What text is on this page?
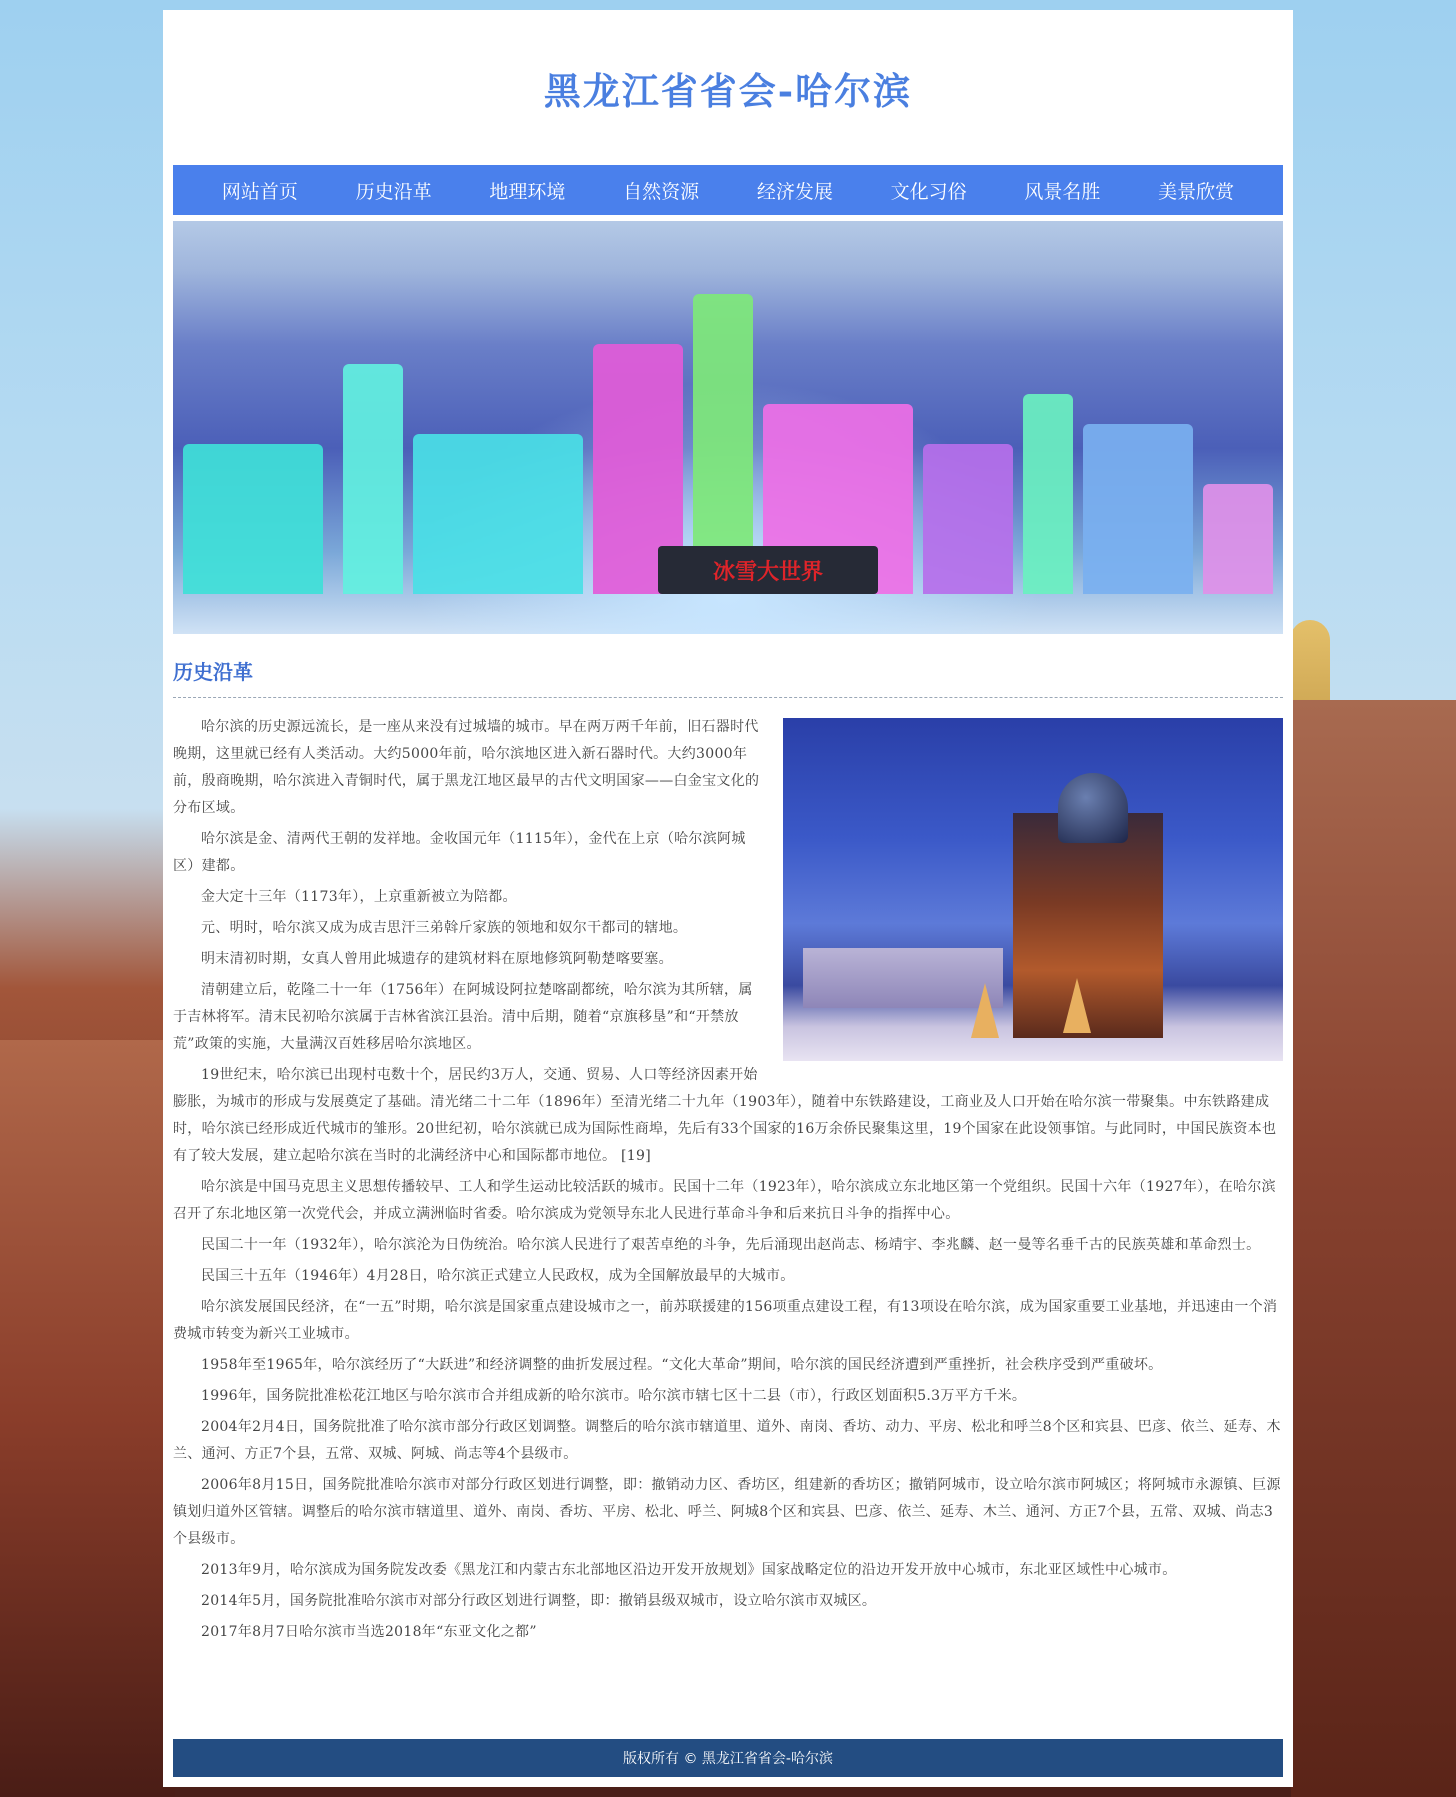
黑龙江省省会-哈尔滨
网站首页	历史沿革	地理环境	自然资源	经济发展	文化习俗	风景名胜	美景欣赏
冰雪大世界
历史沿革

哈尔滨的历史源远流长，是一座从来没有过城墙的城市。早在两万两千年前，旧石器时代晚期，这里就已经有人类活动。大约5000年前，哈尔滨地区进入新石器时代。大约3000年前，殷商晚期，哈尔滨进入青铜时代，属于黑龙江地区最早的古代文明国家——白金宝文化的分布区域。

哈尔滨是金、清两代王朝的发祥地。金收国元年（1115年），金代在上京（哈尔滨阿城区）建都。

金大定十三年（1173年），上京重新被立为陪都。

元、明时，哈尔滨又成为成吉思汗三弟斡斤家族的领地和奴尔干都司的辖地。

明末清初时期，女真人曾用此城遗存的建筑材料在原地修筑阿勒楚喀要塞。

清朝建立后，乾隆二十一年（1756年）在阿城设阿拉楚喀副都统，哈尔滨为其所辖，属于吉林将军。清末民初哈尔滨属于吉林省滨江县治。清中后期，随着“京旗移垦”和“开禁放荒”政策的实施，大量满汉百姓移居哈尔滨地区。

19世纪末，哈尔滨已出现村屯数十个，居民约3万人，交通、贸易、人口等经济因素开始膨胀，为城市的形成与发展奠定了基础。清光绪二十二年（1896年）至清光绪二十九年（1903年），随着中东铁路建设，工商业及人口开始在哈尔滨一带聚集。中东铁路建成时，哈尔滨已经形成近代城市的雏形。20世纪初，哈尔滨就已成为国际性商埠，先后有33个国家的16万余侨民聚集这里，19个国家在此设领事馆。与此同时，中国民族资本也有了较大发展，建立起哈尔滨在当时的北满经济中心和国际都市地位。 [19]

哈尔滨是中国马克思主义思想传播较早、工人和学生运动比较活跃的城市。民国十二年（1923年），哈尔滨成立东北地区第一个党组织。民国十六年（1927年），在哈尔滨召开了东北地区第一次党代会，并成立满洲临时省委。哈尔滨成为党领导东北人民进行革命斗争和后来抗日斗争的指挥中心。

民国二十一年（1932年），哈尔滨沦为日伪统治。哈尔滨人民进行了艰苦卓绝的斗争，先后涌现出赵尚志、杨靖宇、李兆麟、赵一曼等名垂千古的民族英雄和革命烈士。

民国三十五年（1946年）4月28日，哈尔滨正式建立人民政权，成为全国解放最早的大城市。

哈尔滨发展国民经济，在“一五”时期，哈尔滨是国家重点建设城市之一，前苏联援建的156项重点建设工程，有13项设在哈尔滨，成为国家重要工业基地，并迅速由一个消费城市转变为新兴工业城市。

1958年至1965年，哈尔滨经历了“大跃进”和经济调整的曲折发展过程。“文化大革命”期间，哈尔滨的国民经济遭到严重挫折，社会秩序受到严重破坏。

1996年，国务院批准松花江地区与哈尔滨市合并组成新的哈尔滨市。哈尔滨市辖七区十二县（市），行政区划面积5.3万平方千米。

2004年2月4日，国务院批准了哈尔滨市部分行政区划调整。调整后的哈尔滨市辖道里、道外、南岗、香坊、动力、平房、松北和呼兰8个区和宾县、巴彦、依兰、延寿、木兰、通河、方正7个县，五常、双城、阿城、尚志等4个县级市。

2006年8月15日，国务院批准哈尔滨市对部分行政区划进行调整，即：撤销动力区、香坊区，组建新的香坊区；撤销阿城市，设立哈尔滨市阿城区；将阿城市永源镇、巨源镇划归道外区管辖。调整后的哈尔滨市辖道里、道外、南岗、香坊、平房、松北、呼兰、阿城8个区和宾县、巴彦、依兰、延寿、木兰、通河、方正7个县，五常、双城、尚志3个县级市。

2013年9月，哈尔滨成为国务院发改委《黑龙江和内蒙古东北部地区沿边开发开放规划》国家战略定位的沿边开发开放中心城市，东北亚区域性中心城市。

2014年5月，国务院批准哈尔滨市对部分行政区划进行调整，即：撤销县级双城市，设立哈尔滨市双城区。

2017年8月7日哈尔滨市当选2018年“东亚文化之都”

版权所有 © 黑龙江省省会-哈尔滨
